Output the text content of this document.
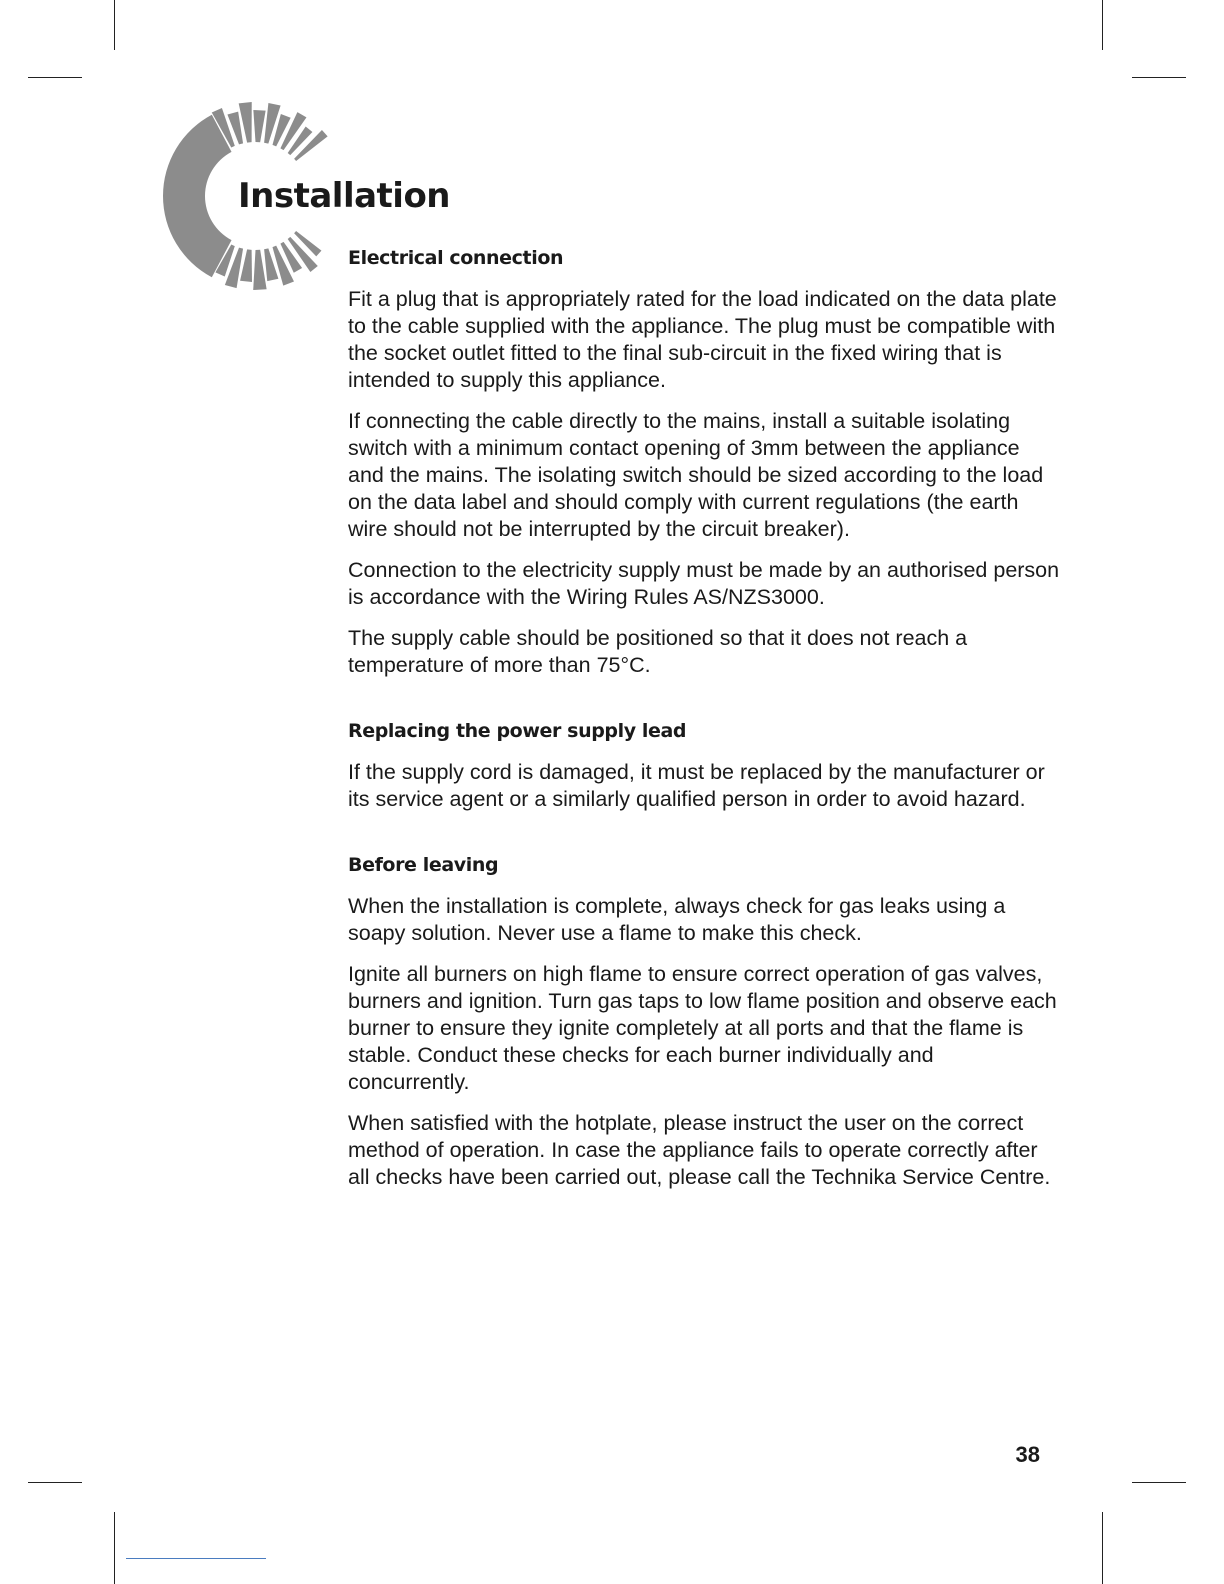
Installation
Electrical connection

Fit a plug that is appropriately rated for the load indicated on the data plate to the cable supplied with the appliance. The plug must be compatible with the socket outlet fitted to the final sub-circuit in the fixed wiring that is intended to supply this appliance.

If connecting the cable directly to the mains, install a suitable isolating switch with a minimum contact opening of 3mm between the appliance and the mains. The isolating switch should be sized according to the load on the data label and should comply with current regulations (the earth wire should not be interrupted by the circuit breaker).

Connection to the electricity supply must be made by an authorised person is accordance with the Wiring Rules AS/NZS3000.

The supply cable should be positioned so that it does not reach a temperature of more than 75°C.

Replacing the power supply lead

If the supply cord is damaged, it must be replaced by the manufacturer or its service agent or a similarly qualified person in order to avoid hazard.

Before leaving

When the installation is complete, always check for gas leaks using a soapy solution. Never use a flame to make this check.

Ignite all burners on high flame to ensure correct operation of gas valves, burners and ignition. Turn gas taps to low flame position and observe each burner to ensure they ignite completely at all ports and that the flame is stable. Conduct these checks for each burner individually and concurrently.

When satisfied with the hotplate, please instruct the user on the correct method of operation. In case the appliance fails to operate correctly after all checks have been carried out, please call the Technika Service Centre.

38
